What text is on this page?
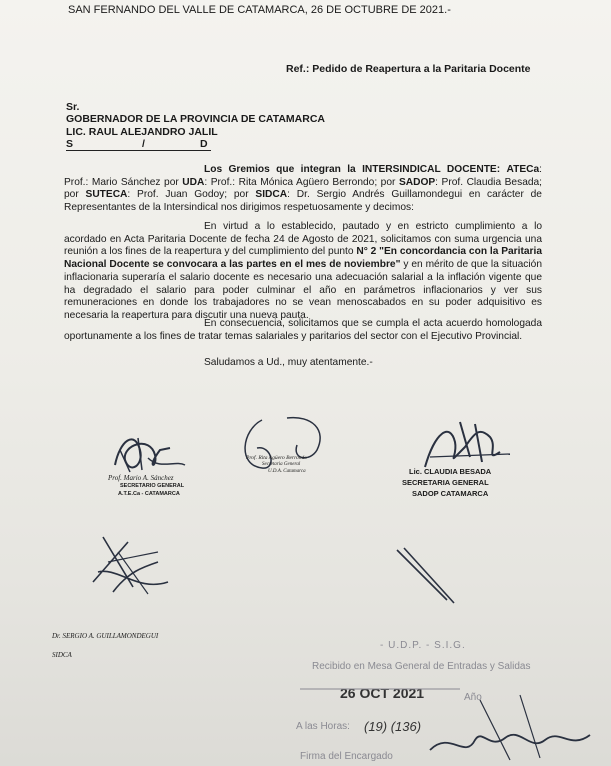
SAN FERNANDO DEL VALLE DE CATAMARCA, 26 DE OCTUBRE DE 2021.-

Ref.: Pedido de Reapertura a la Paritaria Docente

Sr.

GOBERNADOR DE LA PROVINCIA DE CATAMARCA

LIC. RAUL ALEJANDRO JALIL

S	/	D

Los Gremios que integran la INTERSINDICAL DOCENTE: ATECa: Prof.: Mario Sánchez por UDA: Prof.: Rita Mónica Agüero Berrondo; por SADOP: Prof. Claudia Besada; por SUTECA: Prof. Juan Godoy; por SIDCA: Dr. Sergio Andrés Guillamondegui en carácter de Representantes de la Intersindical nos dirigimos respetuosamente y decimos:

En virtud a lo establecido, pautado y en estricto cumplimiento a lo acordado en Acta Paritaria Docente de fecha 24 de Agosto de 2021, solicitamos con suma urgencia una reunión a los fines de la reapertura y del cumplimiento del punto N° 2 "En concordancia con la Paritaria Nacional Docente se convocara a las partes en el mes de noviembre" y en mérito de que la situación inflacionaria superaría el salario docente es necesario una adecuación salarial a la inflación vigente que ha degradado el salario para poder culminar el año en parámetros inflacionarios y ver sus remuneraciones en donde los trabajadores no se vean menoscabados en su poder adquisitivo es necesaria la reapertura para discutir una nueva pauta.

En consecuencia, solicitamos que se cumpla el acta acuerdo homologada oportunamente a los fines de tratar temas salariales y paritarios del sector con el Ejecutivo Provincial.

Saludamos a Ud., muy atentamente.-

Prof. Mario A. Sánchez

SECRETARIO GENERAL

A.T.E.Ca - CATAMARCA

Prof. Rita Agüero Berrondo

Secretaria General

U.D.A. Catamarca	Lic. CLAUDIA BESADA

SECRETARIA GENERAL

SADOP CATAMARCA

Dr. SERGIO A. GUILLAMONDEGUI

SIDCA

- U.D.P. - S.I.G.

Recibido en Mesa General de Entradas y Salidas

26 OCT 2021	Año

A las Horas: (19) (136)

Firma del Encargado
